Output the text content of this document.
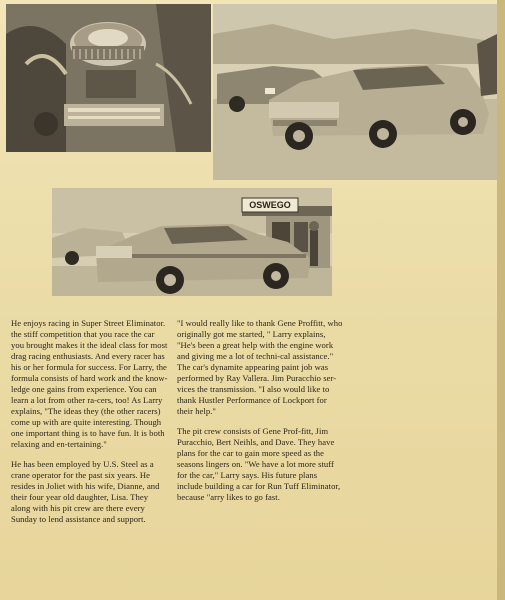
OSWEGO

He enjoys racing in Super Street Eliminator. the stiff competition that you race the car you brought makes it the ideal class for most drag racing enthusiasts. And every racer has his or her formula for success. For Larry, the formula consists of hard work and the know-ledge one gains from experience. You can learn a lot from other ra-cers, too! As Larry explains, "The ideas they (the other racers) come up with are quite interesting. Though one important thing is to have fun. It is both relaxing and en-tertaining."

He has been employed by U.S. Steel as a crane operator for the past six years. He resides in Joliet with his wife, Dianne, and their four year old daughter, Lisa. They along with his pit crew are there every Sunday to lend assistance and support.

"I would really like to thank Gene Proffitt, who originally got me started, " Larry explains, "He's been a great help with the engine work and giving me a lot of techni-cal assistance." The car's dynamite appearing paint job was performed by Ray Vallera. Jim Puracchio ser-vices the transmission. "I also would like to thank Hustler Performance of Lockport for their help."

The pit crew consists of Gene Prof-fitt, Jim Puracchio, Bert Neihls, and Dave. They have plans for the car to gain more speed as the seasons lingers on. "We have a lot more stuff for the car," Larry says. His future plans include building a car for Run Tuff Eliminator, because "arry likes to go fast.
